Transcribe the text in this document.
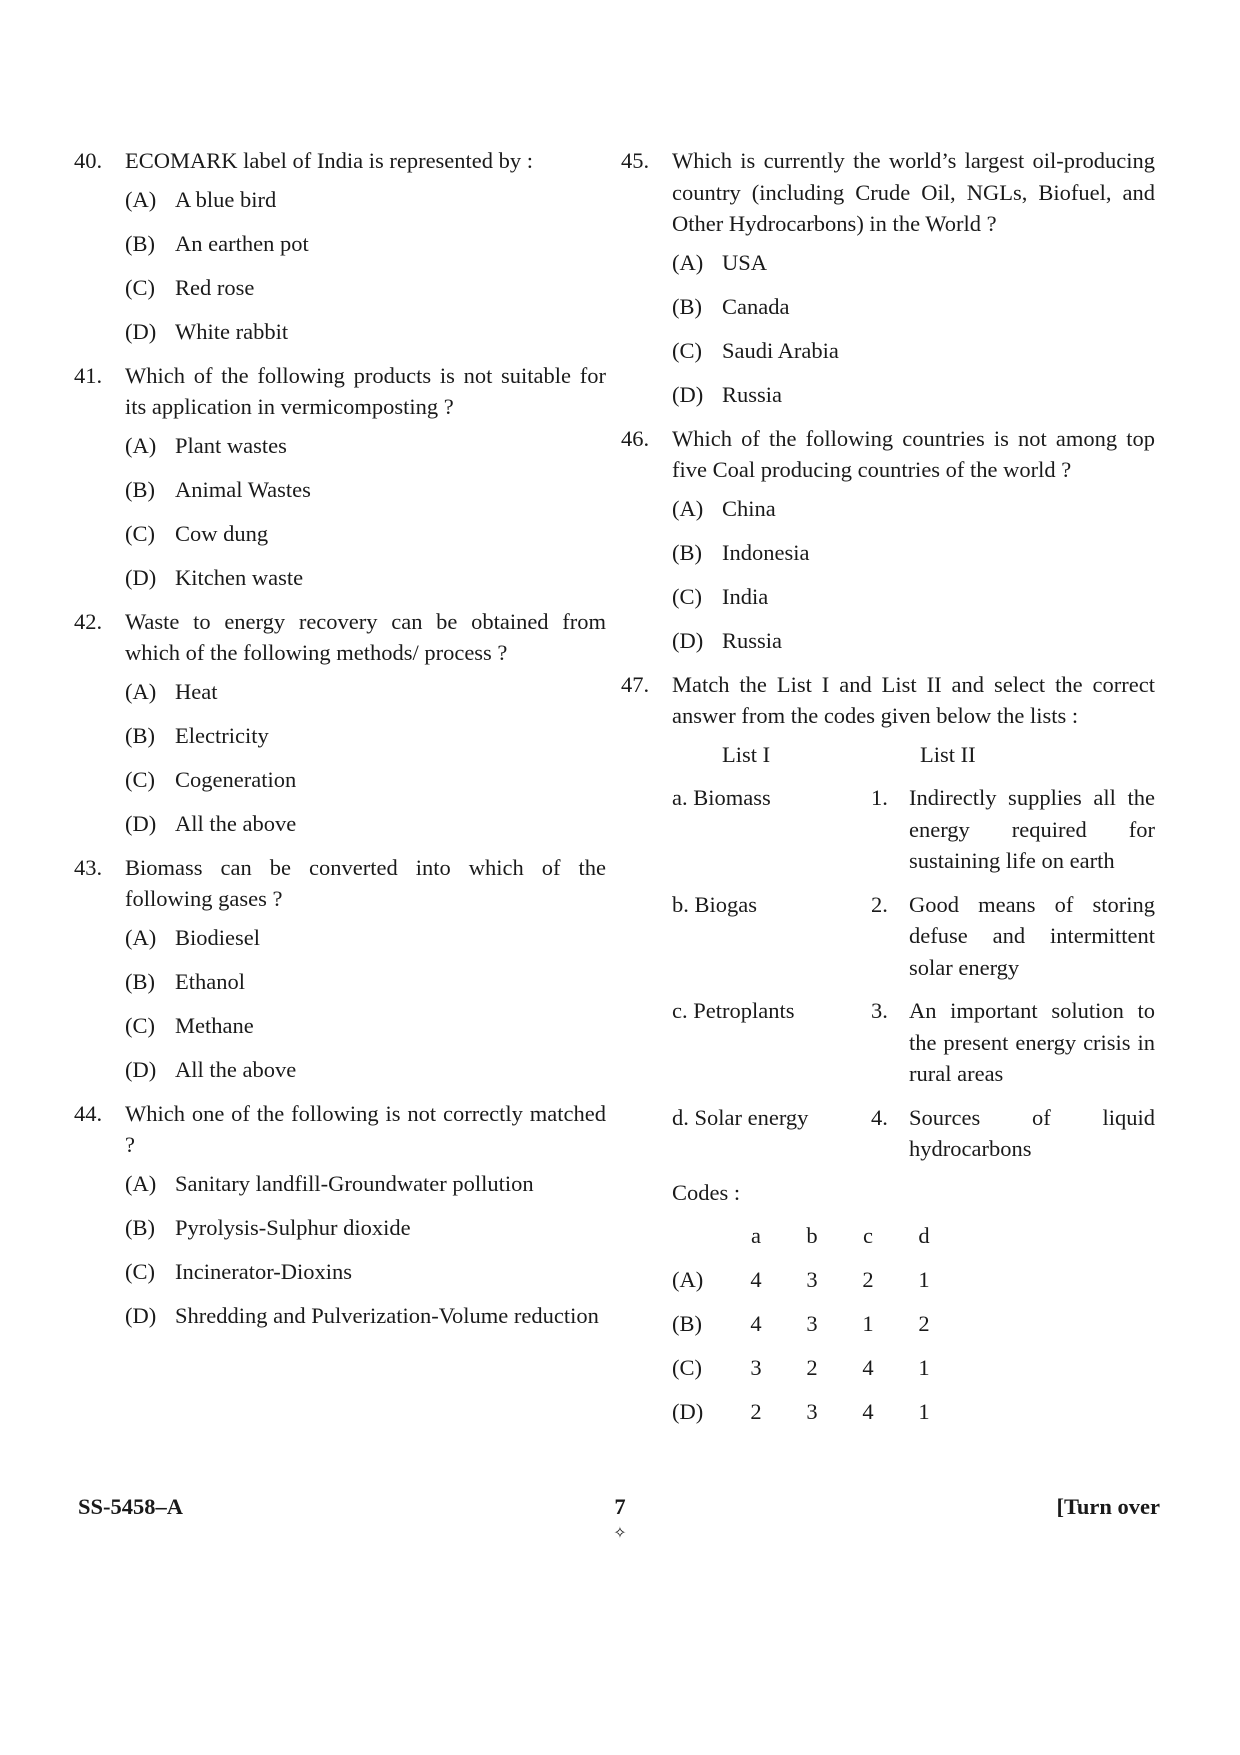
40.	ECOMARK label of India is represented by :
(A) A blue bird
(B) An earthen pot
(C) Red rose
(D) White rabbit
41.	Which of the following products is not suitable for its application in vermicomposting ?
(A) Plant wastes
(B) Animal Wastes
(C) Cow dung
(D) Kitchen waste
42.	Waste to energy recovery can be obtained from which of the following methods/ process ?
(A) Heat
(B) Electricity
(C) Cogeneration
(D) All the above
43.	Biomass can be converted into which of the following gases ?
(A) Biodiesel
(B) Ethanol
(C) Methane
(D) All the above
44.	Which one of the following is not correctly matched ?
(A) Sanitary landfill-Groundwater pollution
(B) Pyrolysis-Sulphur dioxide
(C) Incinerator-Dioxins
(D) Shredding and Pulverization-Volume reduction
45.	Which is currently the world’s largest oil-producing country (including Crude Oil, NGLs, Biofuel, and Other Hydrocarbons) in the World ?
(A) USA
(B) Canada
(C) Saudi Arabia
(D) Russia
46.	Which of the following countries is not among top five Coal producing countries of the world ?
(A) China
(B) Indonesia
(C) India
(D) Russia
47.	Match the List I and List II and select the correct answer from the codes given below the lists :
List I	List II
a. Biomass	1. Indirectly supplies all the energy required for sustaining life on earth
b. Biogas	2. Good means of storing defuse and intermittent solar energy
c. Petroplants	3. An important solution to the present energy crisis in rural areas
d. Solar energy	4. Sources of liquid hydrocarbons
Codes :
a	b	c	d
(A)	4	3	2	1
(B)	4	3	1	2
(C)	3	2	4	1
(D)	2	3	4	1
SS-5458–A	7	[Turn over
✧
